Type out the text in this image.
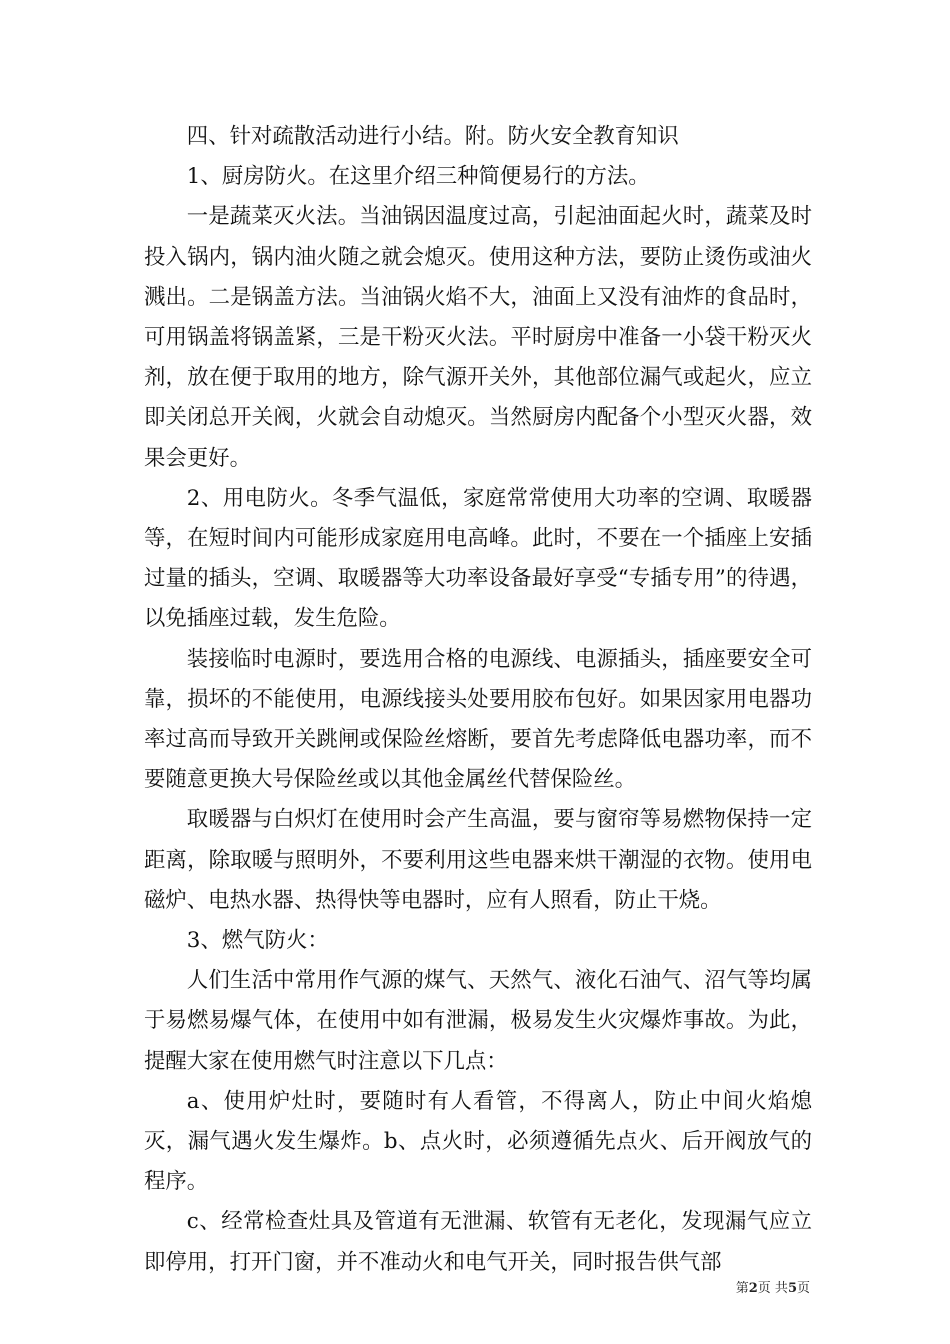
四、针对疏散活动进行小结。附。防火安全教育知识

1、厨房防火。在这里介绍三种简便易行的方法。

一是蔬菜灭火法。当油锅因温度过高，引起油面起火时，蔬菜及时投入锅内，锅内油火随之就会熄灭。使用这种方法，要防止烫伤或油火溅出。二是锅盖方法。当油锅火焰不大，油面上又没有油炸的食品时，可用锅盖将锅盖紧，三是干粉灭火法。平时厨房中准备一小袋干粉灭火剂，放在便于取用的地方，除气源开关外，其他部位漏气或起火，应立即关闭总开关阀，火就会自动熄灭。当然厨房内配备个小型灭火器，效果会更好。

2、用电防火。冬季气温低，家庭常常使用大功率的空调、取暖器等，在短时间内可能形成家庭用电高峰。此时，不要在一个插座上安插过量的插头，空调、取暖器等大功率设备最好享受“专插专用”的待遇，以免插座过载，发生危险。

装接临时电源时，要选用合格的电源线、电源插头，插座要安全可靠，损坏的不能使用，电源线接头处要用胶布包好。如果因家用电器功率过高而导致开关跳闸或保险丝熔断，要首先考虑降低电器功率，而不要随意更换大号保险丝或以其他金属丝代替保险丝。

取暖器与白炽灯在使用时会产生高温，要与窗帘等易燃物保持一定距离，除取暖与照明外，不要利用这些电器来烘干潮湿的衣物。使用电磁炉、电热水器、热得快等电器时，应有人照看，防止干烧。

3、燃气防火：

人们生活中常用作气源的煤气、天然气、液化石油气、沼气等均属于易燃易爆气体，在使用中如有泄漏，极易发生火灾爆炸事故。为此，提醒大家在使用燃气时注意以下几点：

a、使用炉灶时，要随时有人看管，不得离人，防止中间火焰熄灭，漏气遇火发生爆炸。b、点火时，必须遵循先点火、后开阀放气的程序。

c、经常检查灶具及管道有无泄漏、软管有无老化，发现漏气应立即停用，打开门窗，并不准动火和电气开关，同时报告供气部

第2页 共5页
